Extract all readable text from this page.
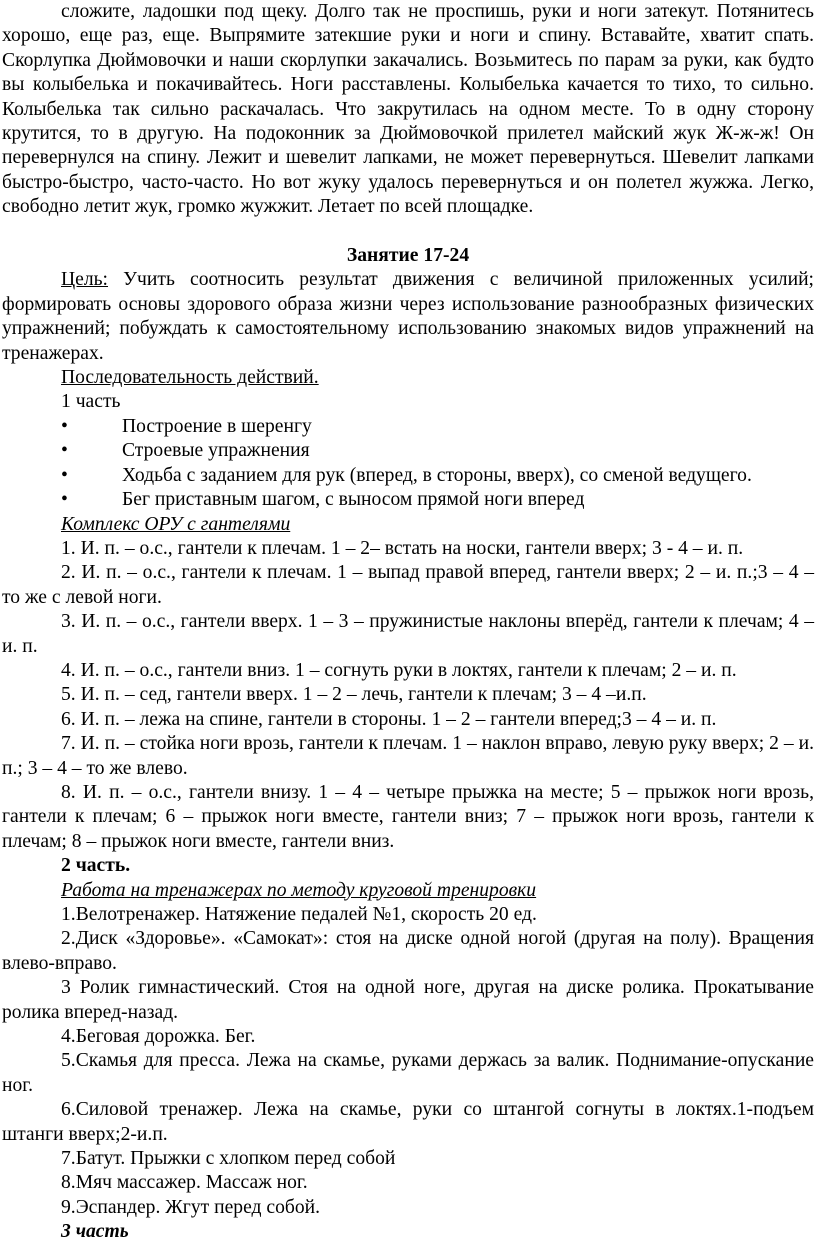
сложите, ладошки под щеку. Долго так не проспишь, руки и ноги затекут. Потянитесь хорошо, еще раз, еще. Выпрямите затекшие руки и ноги и спину. Вставайте, хватит спать. Скорлупка Дюймовочки и наши скорлупки закачались. Возьмитесь по парам за руки, как будто вы колыбелька и покачивайтесь. Ноги расставлены. Колыбелька качается то тихо, то сильно. Колыбелька так сильно раскачалась. Что закрутилась на одном месте. То в одну сторону крутится, то в другую. На подоконник за Дюймовочкой прилетел майский жук Ж-ж-ж! Он перевернулся на спину. Лежит и шевелит лапками, не может перевернуться. Шевелит лапками быстро-быстро, часто-часто. Но вот жуку удалось перевернуться и он полетел жужжа. Легко, свободно летит жук, громко жужжит. Летает по всей площадке.

Занятие 17-24

Цель: Учить соотносить результат движения с величиной приложенных усилий; формировать основы здорового образа жизни через использование разнообразных физических упражнений; побуждать к самостоятельному использованию знакомых видов упражнений на тренажерах.

Последовательность действий.

1 часть

•	Построение в шеренгу
•	Строевые упражнения
•	Ходьба с заданием для рук (вперед, в стороны, вверх), со сменой ведущего.
•	Бег приставным шагом, с выносом прямой ноги вперед

Комплекс ОРУ с гантелями

1. И. п. – о.с., гантели к плечам. 1 – 2– встать на носки, гантели вверх; 3 - 4 – и. п.

2. И. п. – о.с., гантели к плечам. 1 – выпад правой вперед, гантели вверх; 2 – и. п.;3 – 4 – то же с левой ноги.

3. И. п. – о.с., гантели вверх. 1 – 3 – пружинистые наклоны вперёд, гантели к плечам; 4 – и. п.

4. И. п. – о.с., гантели вниз. 1 – согнуть руки в локтях, гантели к плечам; 2 – и. п.

5. И. п. – сед, гантели вверх. 1 – 2 – лечь, гантели к плечам; 3 – 4 –и.п.

6. И. п. – лежа на спине, гантели в стороны. 1 – 2 – гантели вперед;3 – 4 – и. п.

7. И. п. – стойка ноги врозь, гантели к плечам. 1 – наклон вправо, левую руку вверх; 2 – и. п.; 3 – 4 – то же влево.

8. И. п. – о.с., гантели внизу. 1 – 4 – четыре прыжка на месте; 5 – прыжок ноги врозь, гантели к плечам; 6 – прыжок ноги вместе, гантели вниз; 7 – прыжок ноги врозь, гантели к плечам; 8 – прыжок ноги вместе, гантели вниз.

2 часть.

Работа на тренажерах по методу круговой тренировки

1.Велотренажер. Натяжение педалей №1, скорость 20 ед.

2.Диск «Здоровье». «Самокат»: стоя на диске одной ногой (другая на полу). Вращения влево-вправо.

3 Ролик гимнастический. Стоя на одной ноге, другая на диске ролика. Прокатывание ролика вперед-назад.

4.Беговая дорожка. Бег.

5.Скамья для пресса. Лежа на скамье, руками держась за валик. Поднимание-опускание ног.

6.Силовой тренажер. Лежа на скамье, руки со штангой согнуты в локтях.1-подъем штанги вверх;2-и.п.

7.Батут. Прыжки с хлопком перед собой

8.Мяч массажер. Массаж ног.

9.Эспандер. Жгут перед собой.

3 часть
